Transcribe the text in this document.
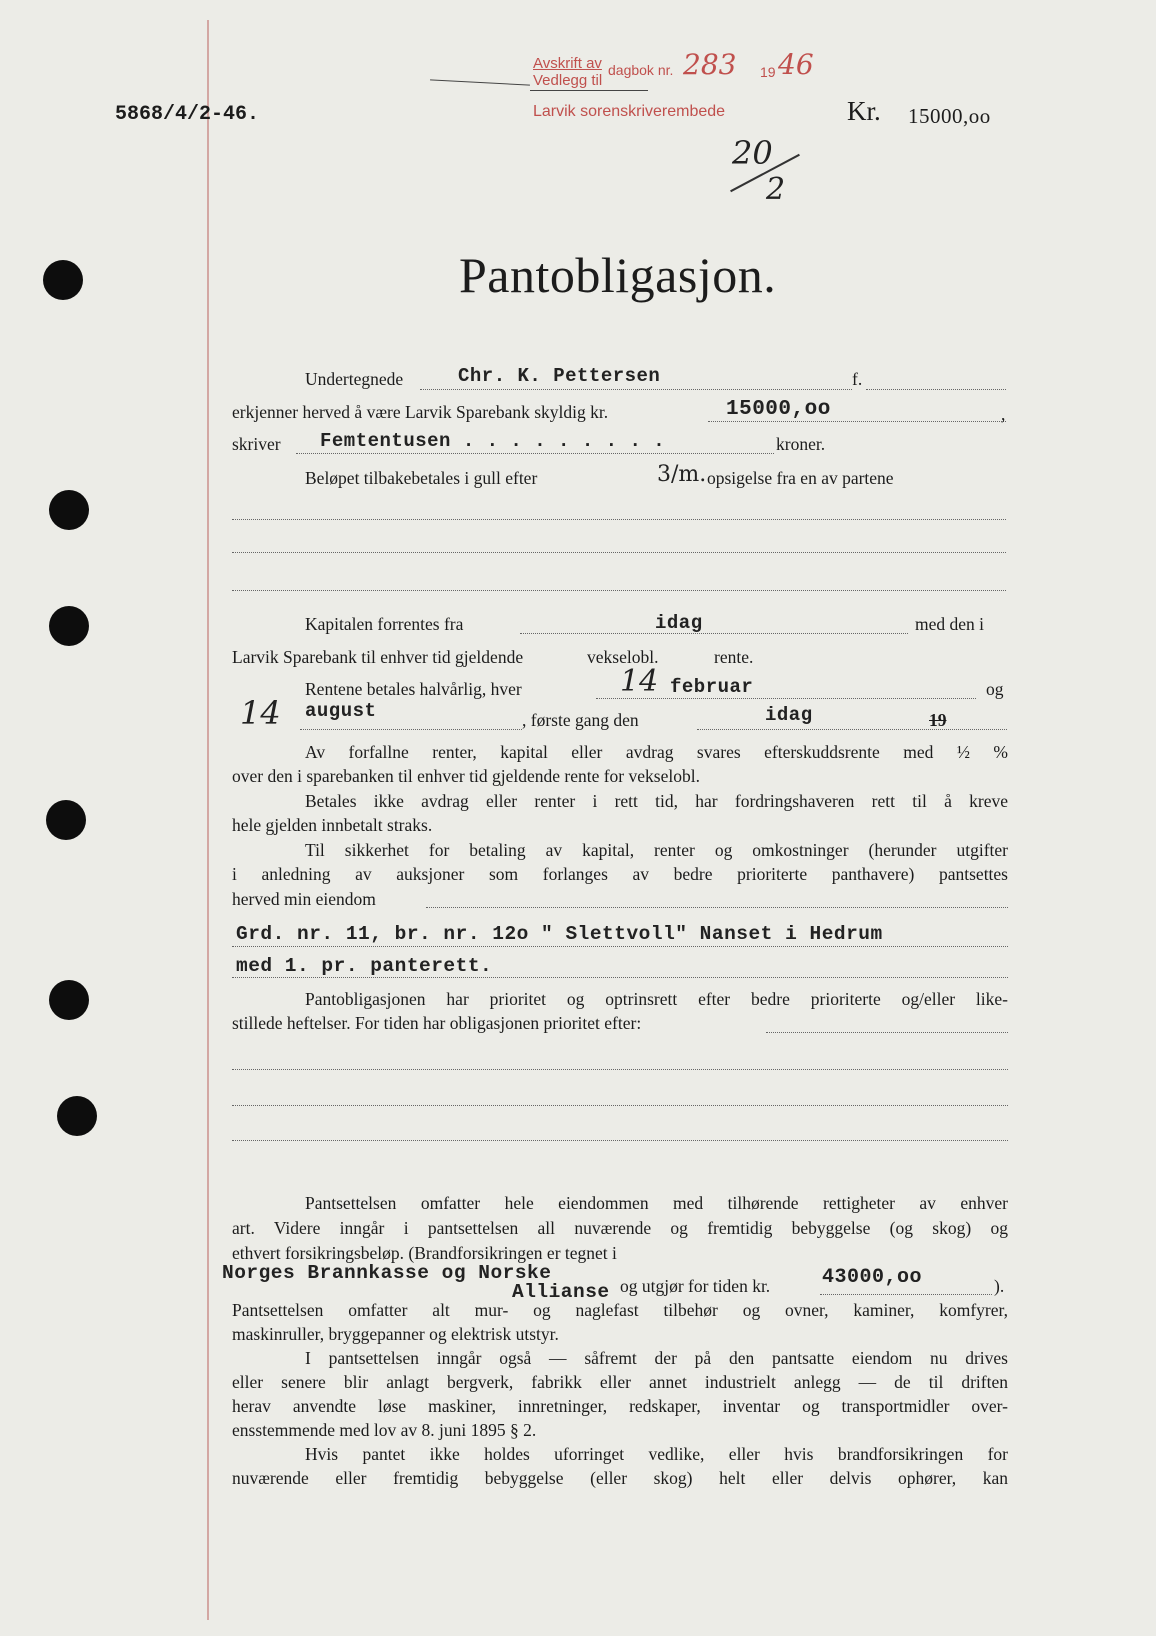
5868/4/2-46.
Avskrift av
Vedlegg til
dagbok nr. 283 19 46
Larvik sorenskriverembede	Kr. 15000,oo
20
2
Pantobligasjon.
Undertegnede	Chr. K. Pettersen	f.
erkjenner herved å være Larvik Sparebank skyldig kr.	15000,oo	,
skriver Femtentusen . . . . . . . . .	kroner.
Beløpet tilbakebetales i gull efter	3/m. opsigelse fra en av partene
Kapitalen forrentes fra	idag	med den i
Larvik Sparebank til enhver tid gjeldende	vekselobl.	rente.
Rentene betales halvårlig, hver	14 februar	og
14 august	, første gang den	idag	19
Av forfallne renter, kapital eller avdrag svares efterskuddsrente med ½ %
over den i sparebanken til enhver tid gjeldende rente for vekselobl.
Betales ikke avdrag eller renter i rett tid, har fordringshaveren rett til å kreve
hele gjelden innbetalt straks.
Til sikkerhet for betaling av kapital, renter og omkostninger (herunder utgifter
i anledning av auksjoner som forlanges av bedre prioriterte panthavere) pantsettes
herved min eiendom
Grd. nr. 11, br. nr. 12o " Slettvoll" Nanset i Hedrum
med 1. pr. panterett.
Pantobligasjonen har prioritet og optrinsrett efter bedre prioriterte og/eller like-
stillede heftelser. For tiden har obligasjonen prioritet efter:
Pantsettelsen omfatter hele eiendommen med tilhørende rettigheter av enhver
art. Videre inngår i pantsettelsen all nuværende og fremtidig bebyggelse (og skog) og
ethvert forsikringsbeløp. (Brandforsikringen er tegnet i
Norges Brannkasse og Norske
Allianse og utgjør for tiden kr.	43000,oo	).
Pantsettelsen omfatter alt mur- og naglefast tilbehør og ovner, kaminer, komfyrer,
maskinruller, bryggepanner og elektrisk utstyr.
I pantsettelsen inngår også — såfremt der på den pantsatte eiendom nu drives
eller senere blir anlagt bergverk, fabrikk eller annet industrielt anlegg — de til driften
herav anvendte løse maskiner, innretninger, redskaper, inventar og transportmidler over-
ensstemmende med lov av 8. juni 1895 § 2.
Hvis pantet ikke holdes uforringet vedlike, eller hvis brandforsikringen for
nuværende eller fremtidig bebyggelse (eller skog) helt eller delvis ophører, kan
